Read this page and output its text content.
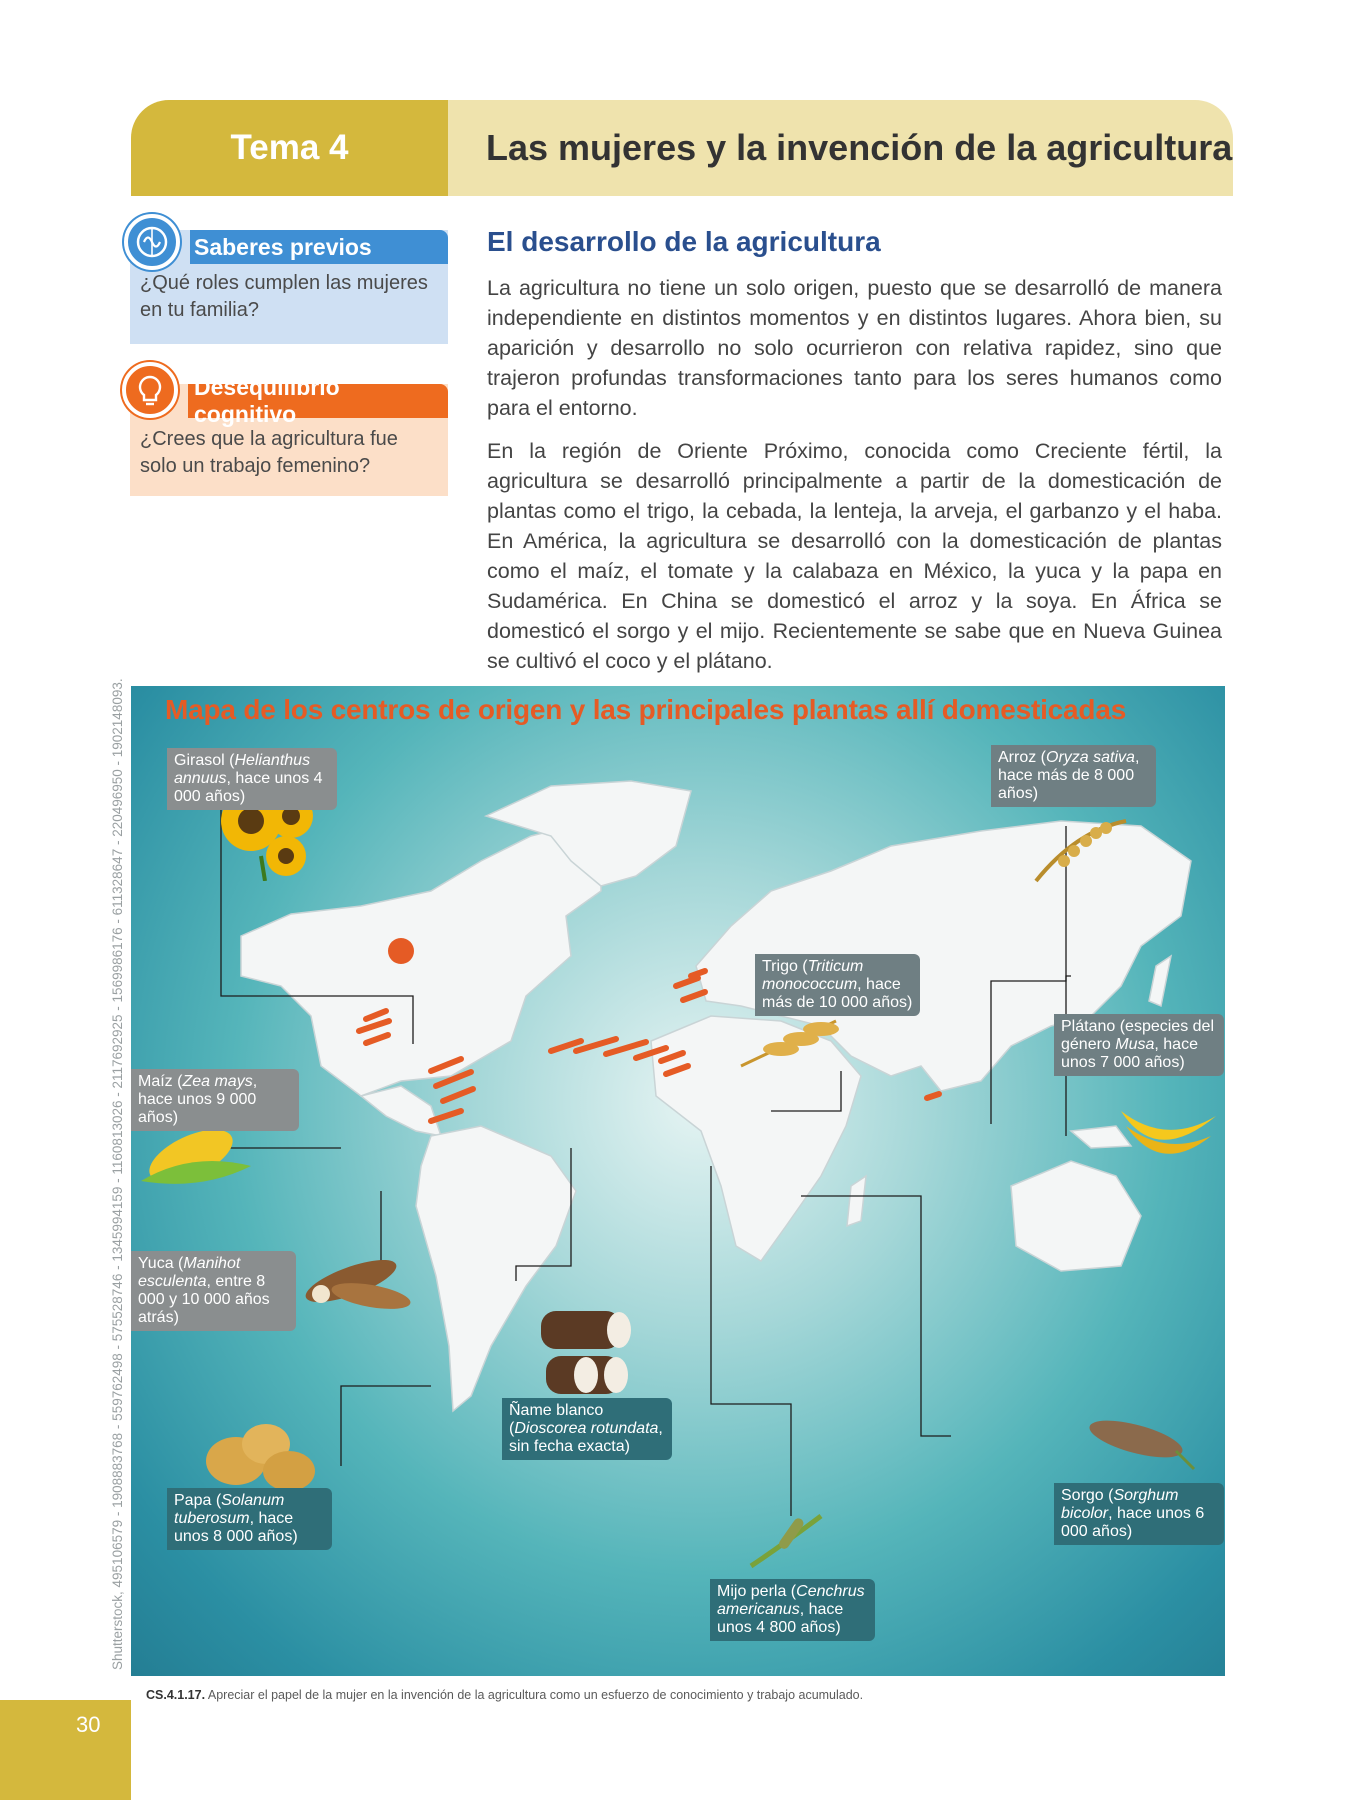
Tema 4	Las mujeres y la invención de la agricultura
Saberes previos
¿Qué roles cumplen las mujeres en tu familia?
Desequilibrio cognitivo
¿Crees que la agricultura fue solo un trabajo femenino?
El desarrollo de la agricultura

La agricultura no tiene un solo origen, puesto que se desarrolló de manera independiente en distintos momentos y en distintos lugares. Ahora bien, su aparición y desarrollo no solo ocurrieron con relativa rapidez, sino que trajeron profundas transformaciones tanto para los seres humanos como para el entorno.

En la región de Oriente Próximo, conocida como Creciente fértil, la agricultura se desarrolló principalmente a partir de la domesticación de plantas como el trigo, la cebada, la lenteja, la arveja, el garbanzo y el haba. En América, la agricultura se desarrolló con la domesticación de plantas como el maíz, el tomate y la calabaza en México, la yuca y la papa en Sudamérica. En China se domesticó el arroz y la soya. En África se domesticó el sorgo y el mijo. Recientemente se sabe que en Nueva Guinea se cultivó el coco y el plátano.

Mapa de los centros de origen y las principales plantas allí domesticadas
Girasol (Helianthus annuus, hace unos 4 000 años)
Maíz (Zea mays, hace unos 9 000 años)
Yuca (Manihot esculenta, entre 8 000 y 10 000 años atrás)
Papa (Solanum tuberosum, hace unos 8 000 años)
Ñame blanco (Dioscorea rotundata, sin fecha exacta)
Mijo perla (Cenchrus americanus, hace unos 4 800 años)
Trigo (Triticum monococcum, hace más de 10 000 años)
Arroz (Oryza sativa, hace más de 8 000 años)
Plátano (especies del género Musa, hace unos 7 000 años)
Sorgo (Sorghum bicolor, hace unos 6 000 años)
Shutterstock, 495106579 - 1908883768 - 559762498 - 575528746 - 1345994159 - 1160813026 - 2117692925 - 1569986176 - 611328647 - 220496950 - 1902148093.
CS.4.1.17. Apreciar el papel de la mujer en la invención de la agricultura como un esfuerzo de conocimiento y trabajo acumulado.
30
